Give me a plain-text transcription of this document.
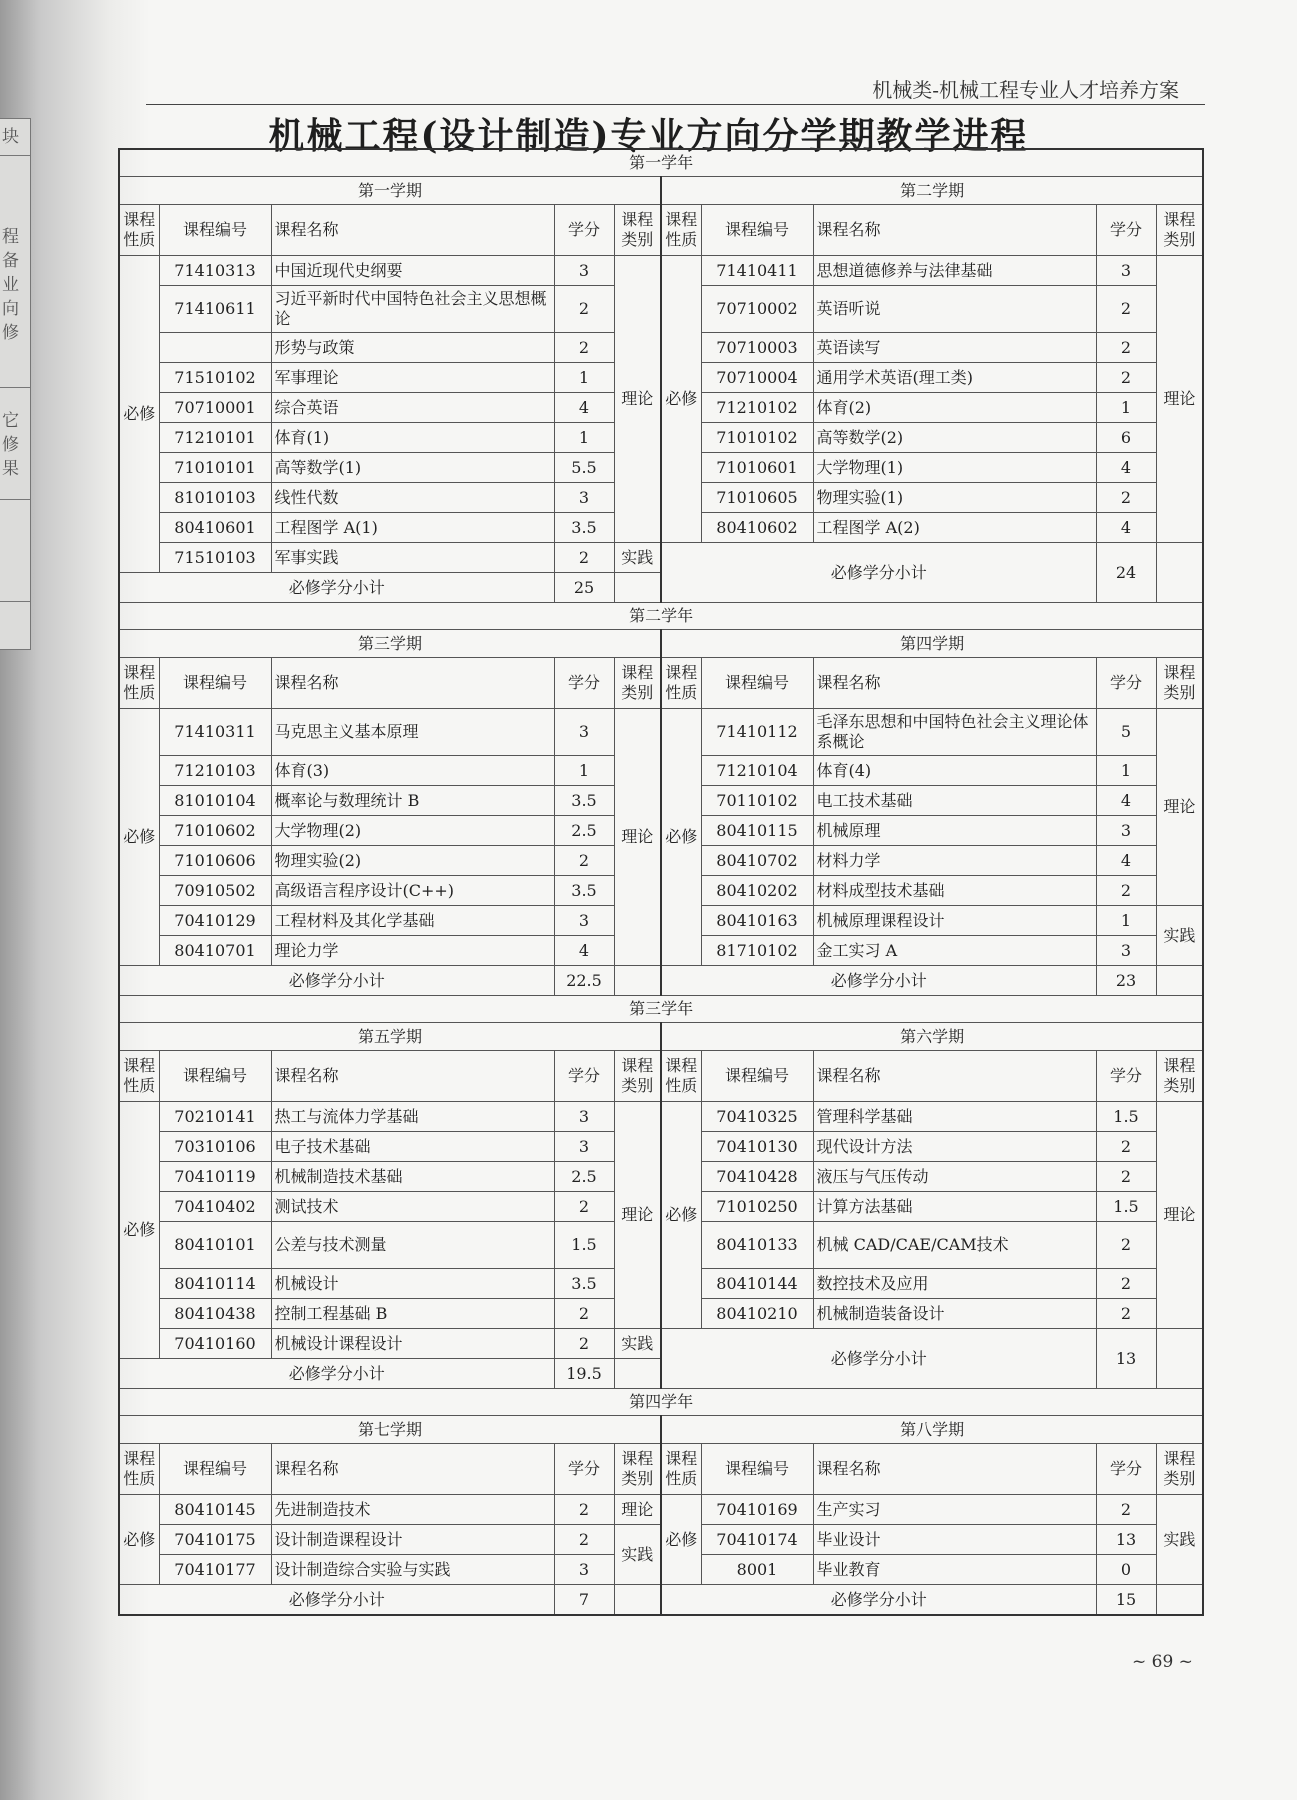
块
程
备
业
向
修
它
修
果
机械类-机械工程专业人才培养方案
机械工程(设计制造)专业方向分学期教学进程
第一学年									
第一学期					第二学期				
课程性质	课程编号	课程名称	学分	课程类别	课程性质	课程编号	课程名称	学分	课程类别
必修	71410313	中国近现代史纲要	3	理论	必修	71410411	思想道德修养与法律基础	3	理论
	71410611	习近平新时代中国特色社会主义思想概论	2			70710002	英语听说	2	
		形势与政策	2			70710003	英语读写	2	
	71510102	军事理论	1			70710004	通用学术英语(理工类)	2	
	70710001	综合英语	4			71210102	体育(2)	1	
	71210101	体育(1)	1			71010102	高等数学(2)	6	
	71010101	高等数学(1)	5.5			71010601	大学物理(1)	4	
	81010103	线性代数	3			71010605	物理实验(1)	2	
	80410601	工程图学 A(1)	3.5			80410602	工程图学 A(2)	4	
	71510103	军事实践	2	实践	必修学分小计			24	
必修学分小计			25						
第二学年									
第三学期					第四学期				
课程性质	课程编号	课程名称	学分	课程类别	课程性质	课程编号	课程名称	学分	课程类别
必修	71410311	马克思主义基本原理	3	理论	必修	71410112	毛泽东思想和中国特色社会主义理论体系概论	5	理论
	71210103	体育(3)	1			71210104	体育(4)	1	
	81010104	概率论与数理统计 B	3.5			70110102	电工技术基础	4	
	71010602	大学物理(2)	2.5			80410115	机械原理	3	
	71010606	物理实验(2)	2			80410702	材料力学	4	
	70910502	高级语言程序设计(C++)	3.5			80410202	材料成型技术基础	2	
	70410129	工程材料及其化学基础	3			80410163	机械原理课程设计	1	实践
	80410701	理论力学	4			81710102	金工实习 A	3	
必修学分小计			22.5		必修学分小计			23	
第三学年									
第五学期					第六学期				
课程性质	课程编号	课程名称	学分	课程类别	课程性质	课程编号	课程名称	学分	课程类别
必修	70210141	热工与流体力学基础	3	理论	必修	70410325	管理科学基础	1.5	理论
	70310106	电子技术基础	3			70410130	现代设计方法	2	
	70410119	机械制造技术基础	2.5			70410428	液压与气压传动	2	
	70410402	测试技术	2			71010250	计算方法基础	1.5	
	80410101	公差与技术测量	1.5			80410133	机械 CAD/CAE/CAM技术	2	
	80410114	机械设计	3.5			80410144	数控技术及应用	2	
	80410438	控制工程基础 B	2			80410210	机械制造装备设计	2	
	70410160	机械设计课程设计	2	实践	必修学分小计			13	
必修学分小计			19.5						
第四学年									
第七学期					第八学期				
课程性质	课程编号	课程名称	学分	课程类别	课程性质	课程编号	课程名称	学分	课程类别
必修	80410145	先进制造技术	2	理论	必修	70410169	生产实习	2	实践
	70410175	设计制造课程设计	2	实践		70410174	毕业设计	13	
	70410177	设计制造综合实验与实践	3			8001	毕业教育	0	
必修学分小计			7		必修学分小计			15	
~ 69 ~
